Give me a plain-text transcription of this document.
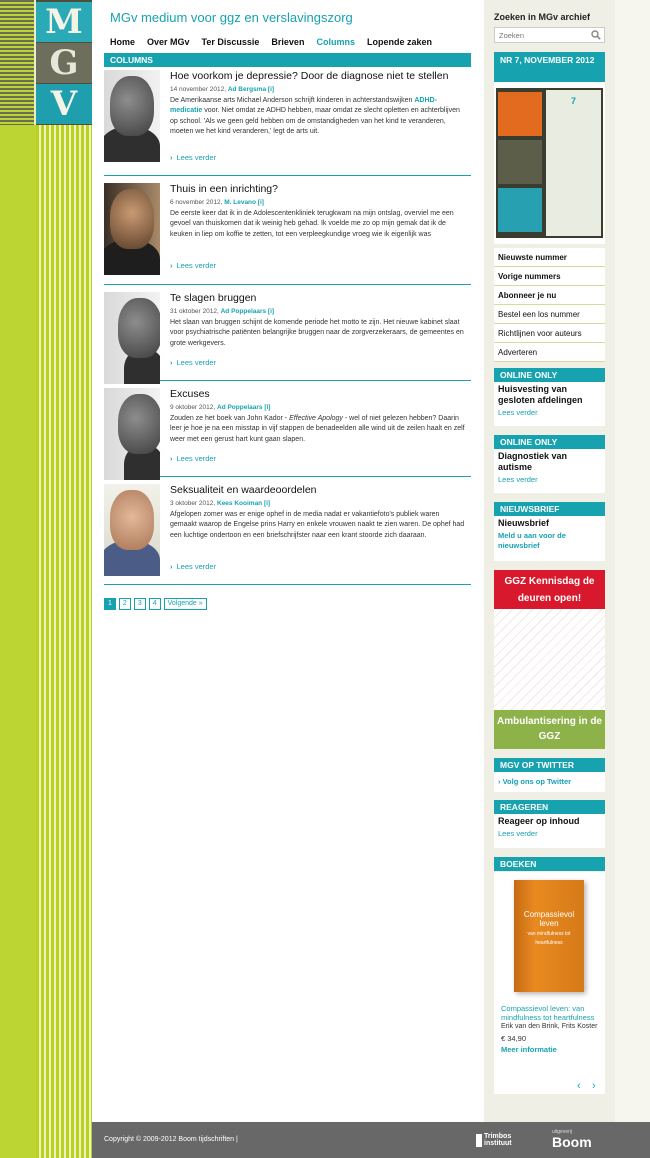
M
G
V
MGv medium voor ggz en verslavingszorg
Home Over MGv Ter Discussie Brieven Columns Lopende zaken
COLUMNS
Hoe voorkom je depressie? Door de diagnose niet te stellen
14 november 2012, Ad Bergsma [i]
De Amerikaanse arts Michael Anderson schrijft kinderen in achterstandswijken ADHD-medicatie voor. Niet omdat ze ADHD hebben, maar omdat ze slecht opletten en achterblijven op school. 'Als we geen geld hebben om de omstandigheden van het kind te veranderen, moeten we het kind veranderen,' legt de arts uit.
› Lees verder
Thuis in een inrichting?
6 november 2012, M. Levano [i]
De eerste keer dat ik in de Adolescentenkliniek terugkwam na mijn ontslag, overviel me een gevoel van thuiskomen dat ik weinig heb gehad. Ik voelde me zo op mijn gemak dat ik de keuken in liep om koffie te zetten, tot een verpleegkundige vroeg wie ik eigenlijk was
› Lees verder
Te slagen bruggen
31 oktober 2012, Ad Poppelaars [i]
Het slaan van bruggen schijnt de komende periode het motto te zijn. Het nieuwe kabinet slaat voor psychiatrische patiënten belangrijke bruggen naar de zorgverzekeraars, de gemeentes en grote werkgevers.
› Lees verder
Excuses
9 oktober 2012, Ad Poppelaars [i]
Zouden ze het boek van John Kador - Effective Apology - wel of niet gelezen hebben? Daarin leer je hoe je na een misstap in vijf stappen de benadeelden alle wind uit de zeilen haalt en zelf weer met een gerust hart kunt gaan slapen.
› Lees verder
Seksualiteit en waardeoordelen
3 oktober 2012, Kees Kooiman [i]
Afgelopen zomer was er enige ophef in de media nadat er vakantiefoto's publiek waren gemaakt waarop de Engelse prins Harry en enkele vrouwen naakt te zien waren. De ophef had een luchtige ondertoon en een briefschrijfster naar een krant stoorde zich daaraan.
› Lees verder
1	2	3	4	Volgende »
Zoeken in MGv archief
Zoeken
NR 7, NOVEMBER 2012
7
Nieuwste nummer
Vorige nummers
Abonneer je nu
Bestel een los nummer
Richtlijnen voor auteurs
Adverteren
ONLINE ONLY
Huisvesting van gesloten afdelingen
Lees verder
ONLINE ONLY
Diagnostiek van autisme
Lees verder
NIEUWSBRIEF
Nieuwsbrief
Meld u aan voor de nieuwsbrief
GGZ Kennisdag de deuren open!
Ambulantisering in de GGZ
MGV OP TWITTER
› Volg ons op Twitter
REAGEREN
Reageer op inhoud
Lees verder
BOEKEN
Compassievol leven
van mindfulness tot heartfulness
Compassievol leven: van mindfulness tot heartfulness
Erik van den Brink, Frits Koster
€ 34,90
Meer informatie
‹ ›
Copyright © 2009-2012 Boom tijdschriften |	Trimbos instituut
uitgeverij
Boom
